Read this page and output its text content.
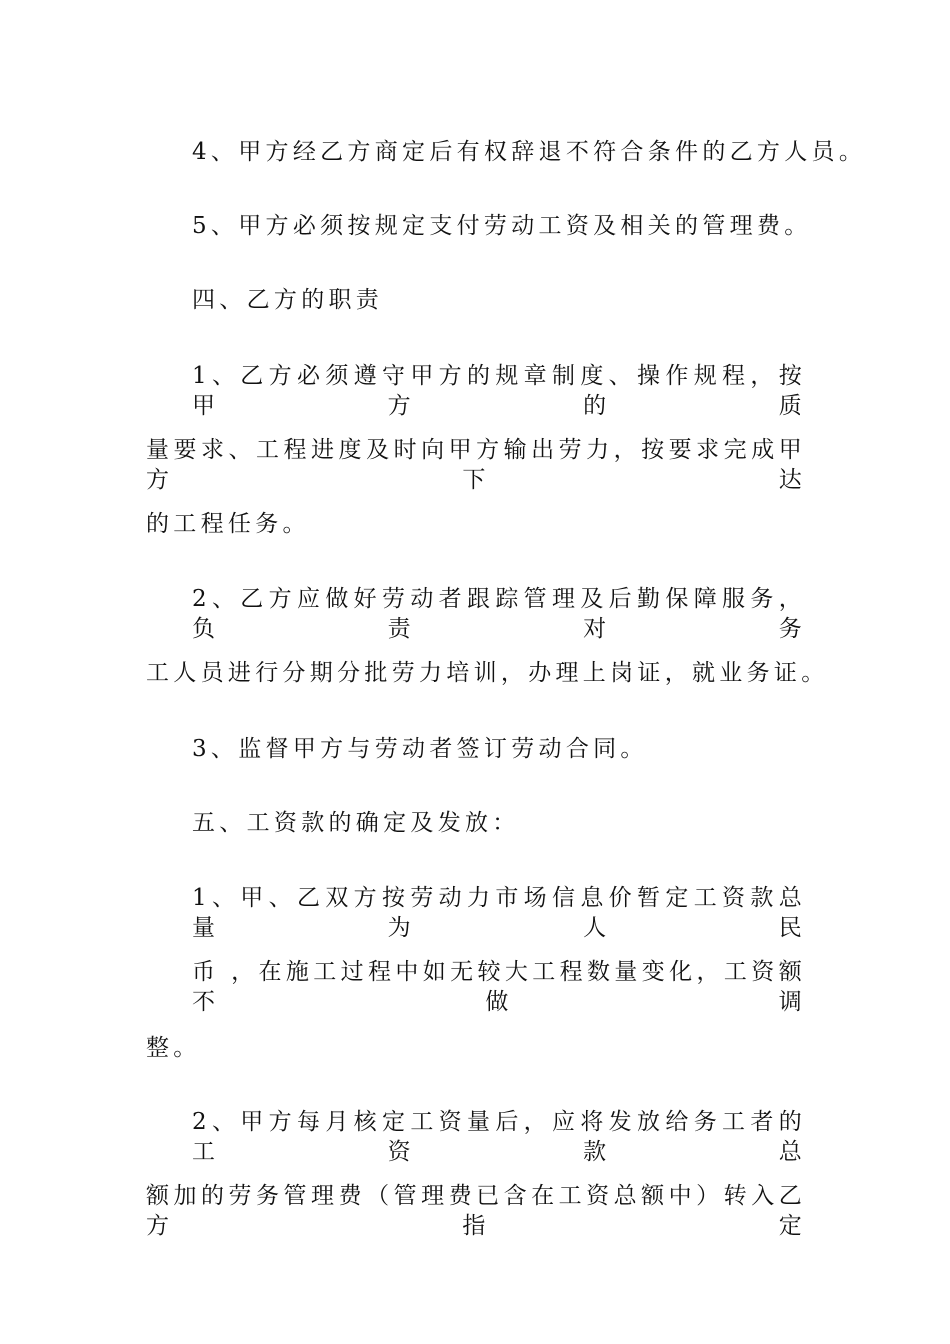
4、甲方经乙方商定后有权辞退不符合条件的乙方人员。
5、甲方必须按规定支付劳动工资及相关的管理费。
四、乙方的职责
1、乙方必须遵守甲方的规章制度、操作规程，按甲方的质
量要求、工程进度及时向甲方输出劳力，按要求完成甲方下达
的工程任务。
2、乙方应做好劳动者跟踪管理及后勤保障服务，负责对务
工人员进行分期分批劳力培训，办理上岗证，就业务证。
3、监督甲方与劳动者签订劳动合同。
五、工资款的确定及发放：
1、甲、乙双方按劳动力市场信息价暂定工资款总量为人民
币 ，在施工过程中如无较大工程数量变化，工资额不做调
整。
2、甲方每月核定工资量后，应将发放给务工者的工资款总
额加的劳务管理费（管理费已含在工资总额中）转入乙方指定
